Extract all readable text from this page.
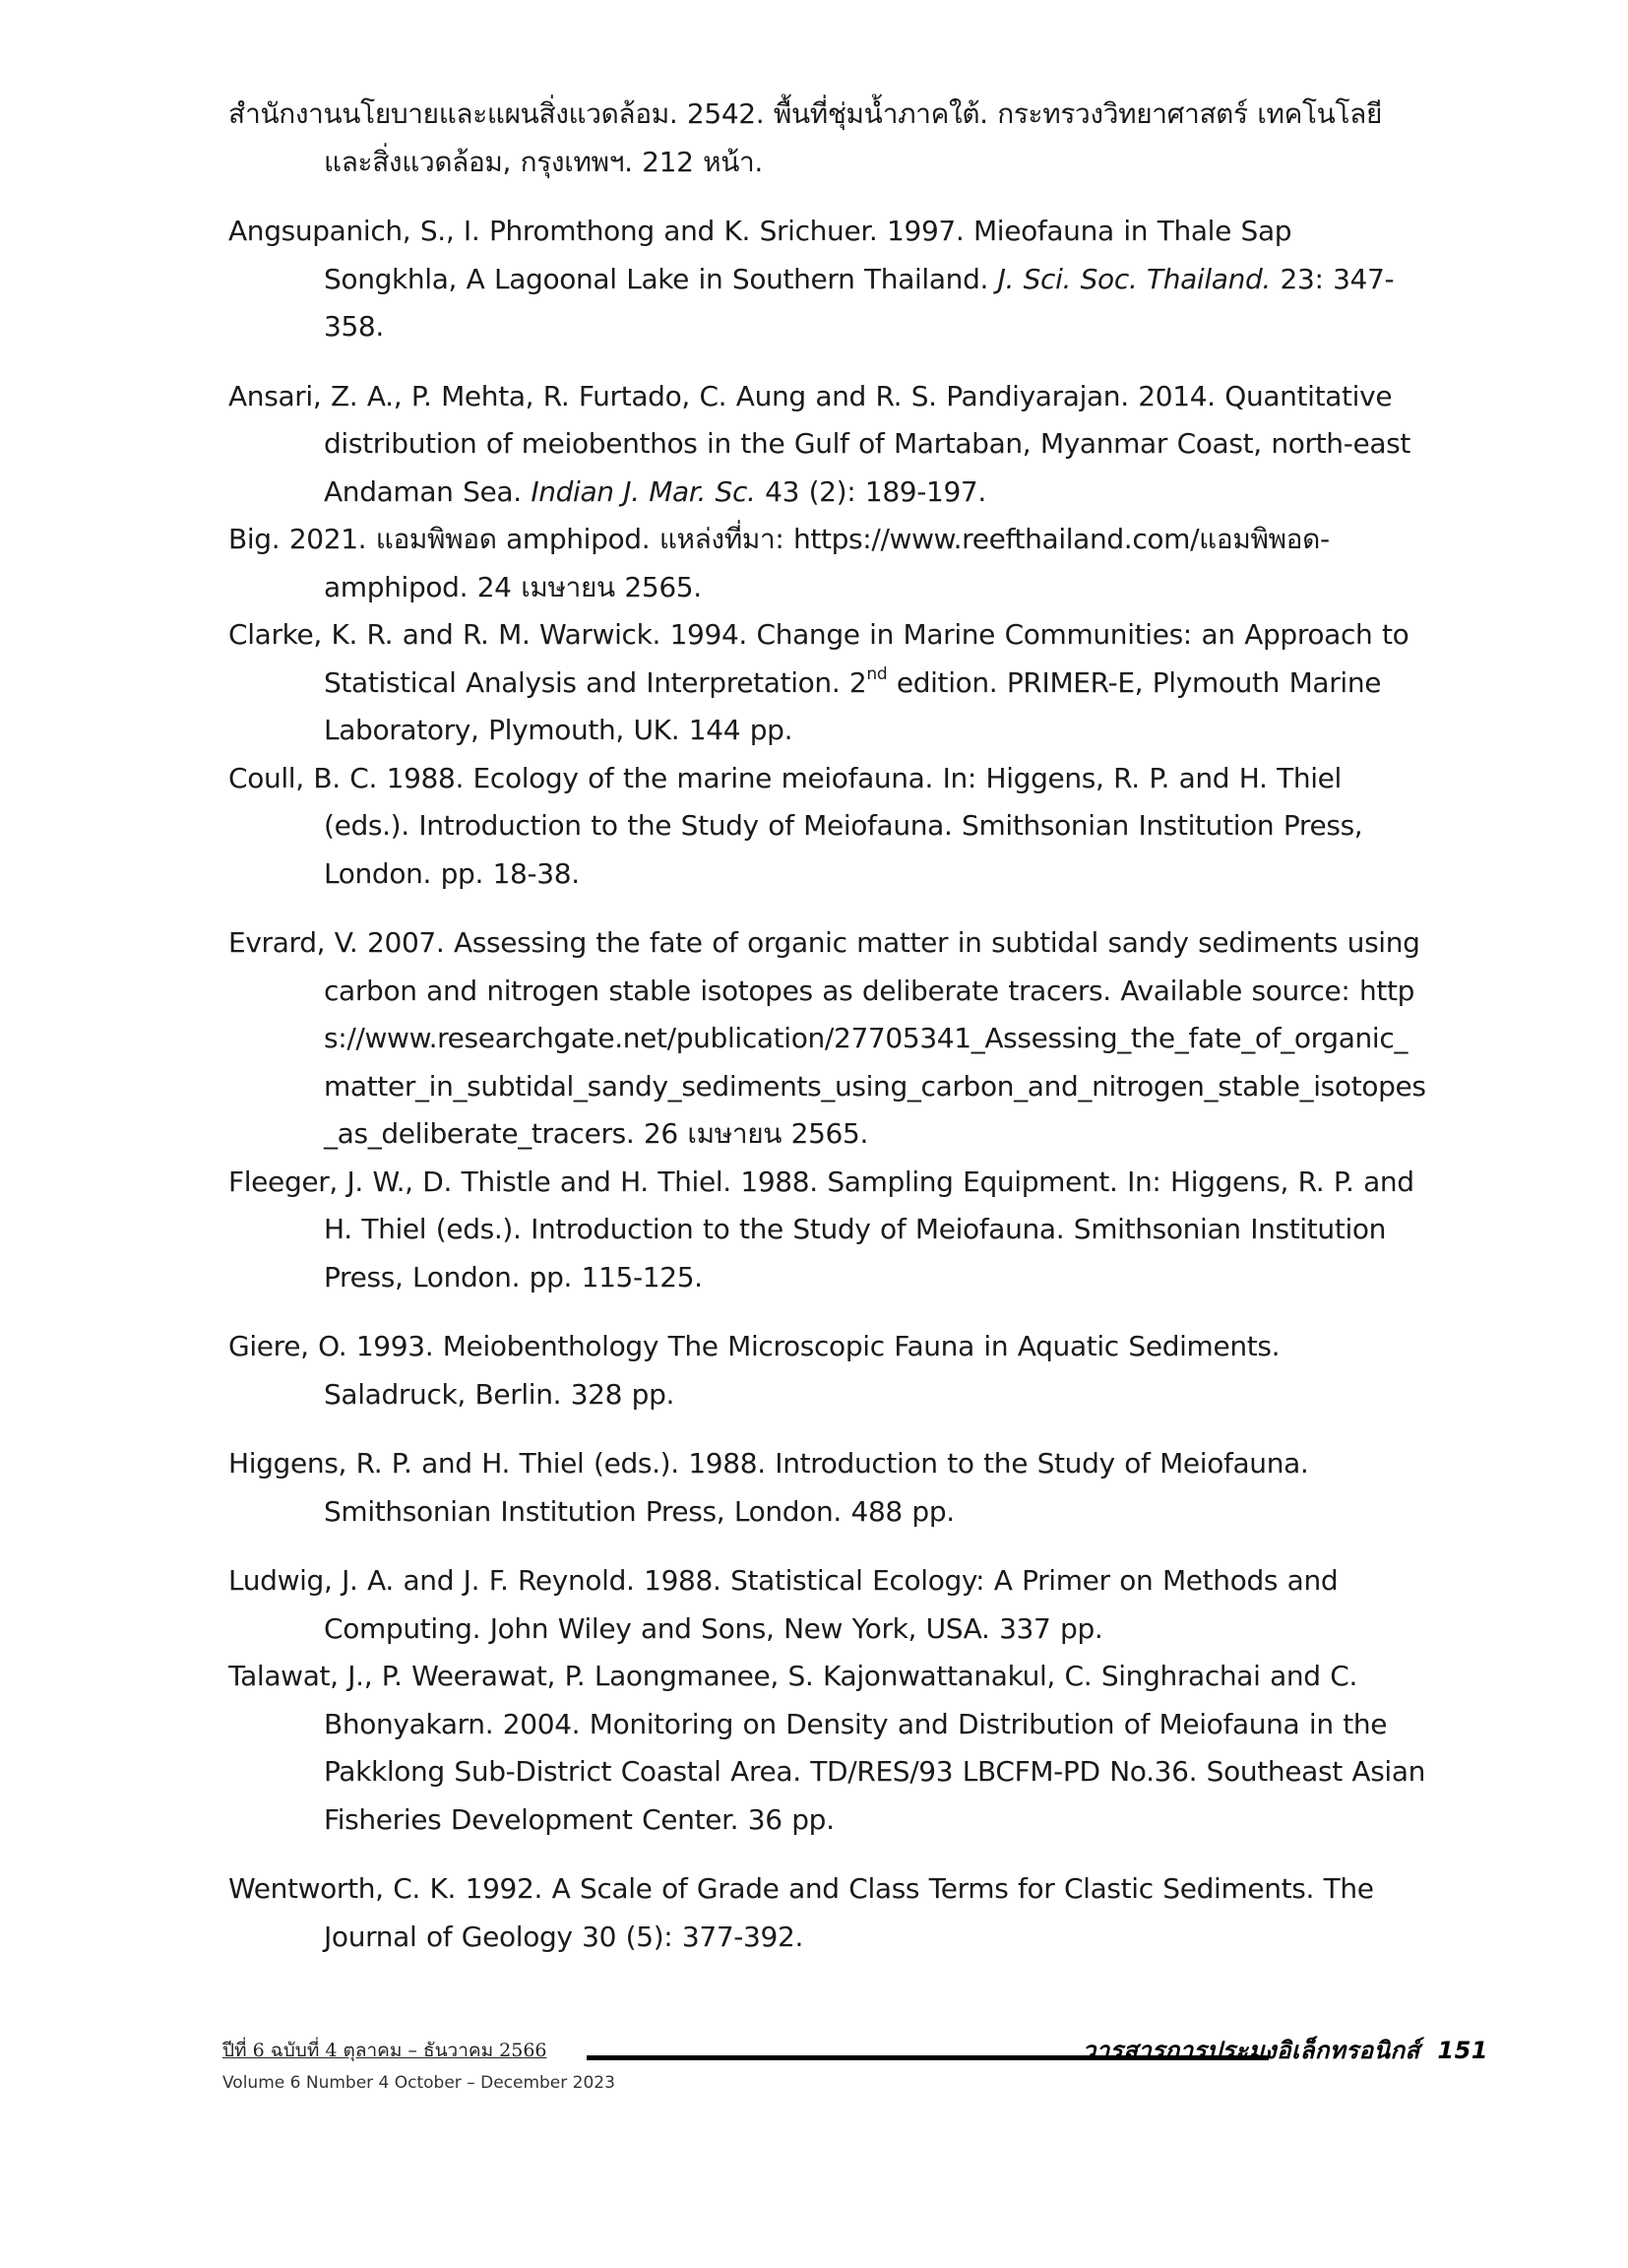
สำนักงานนโยบายและแผนสิ่งแวดล้อม. 2542. พื้นที่ชุ่มน้ำภาคใต้. กระทรวงวิทยาศาสตร์ เทคโนโลยีและสิ่งแวดล้อม, กรุงเทพฯ. 212 หน้า.

Angsupanich, S., I. Phromthong and K. Srichuer. 1997. Mieofauna in Thale Sap Songkhla, A Lagoonal Lake in Southern Thailand. J. Sci. Soc. Thailand. 23: 347-358.

Ansari, Z. A., P. Mehta, R. Furtado, C. Aung and R. S. Pandiyarajan. 2014. Quantitative distribution of meiobenthos in the Gulf of Martaban, Myanmar Coast, north-east Andaman Sea. Indian J. Mar. Sc. 43 (2): 189-197.

Big. 2021. แอมพิพอด amphipod. แหล่งที่มา: https://www.reefthailand.com/แอมพิพอด-amphipod. 24 เมษายน 2565.

Clarke, K. R. and R. M. Warwick. 1994. Change in Marine Communities: an Approach to Statistical Analysis and Interpretation. 2nd edition. PRIMER-E, Plymouth Marine Laboratory, Plymouth, UK. 144 pp.

Coull, B. C. 1988. Ecology of the marine meiofauna. In: Higgens, R. P. and H. Thiel (eds.). Introduction to the Study of Meiofauna. Smithsonian Institution Press, London. pp. 18-38.

Evrard, V. 2007. Assessing the fate of organic matter in subtidal sandy sediments using carbon and nitrogen stable isotopes as deliberate tracers. Available source: https://www.researchgate.net/publication/27705341_Assessing_the_fate_of_organic_matter_in_subtidal_sandy_sediments_using_carbon_and_nitrogen_stable_isotopes_as_deliberate_tracers. 26 เมษายน 2565.

Fleeger, J. W., D. Thistle and H. Thiel. 1988. Sampling Equipment. In: Higgens, R. P. and H. Thiel (eds.). Introduction to the Study of Meiofauna. Smithsonian Institution Press, London. pp. 115-125.

Giere, O. 1993. Meiobenthology The Microscopic Fauna in Aquatic Sediments. Saladruck, Berlin. 328 pp.

Higgens, R. P. and H. Thiel (eds.). 1988. Introduction to the Study of Meiofauna. Smithsonian Institution Press, London. 488 pp.

Ludwig, J. A. and J. F. Reynold. 1988. Statistical Ecology: A Primer on Methods and Computing. John Wiley and Sons, New York, USA. 337 pp.

Talawat, J., P. Weerawat, P. Laongmanee, S. Kajonwattanakul, C. Singhrachai and C. Bhonyakarn. 2004. Monitoring on Density and Distribution of Meiofauna in the Pakklong Sub-District Coastal Area. TD/RES/93 LBCFM-PD No.36. Southeast Asian Fisheries Development Center. 36 pp.

Wentworth, C. K. 1992. A Scale of Grade and Class Terms for Clastic Sediments. The Journal of Geology 30 (5): 377-392.

ปีที่ 6 ฉบับที่ 4 ตุลาคม – ธันวาคม 2566	วารสารการประมงอิเล็กทรอนิกส์ 151
Volume 6 Number 4 October – December 2023
